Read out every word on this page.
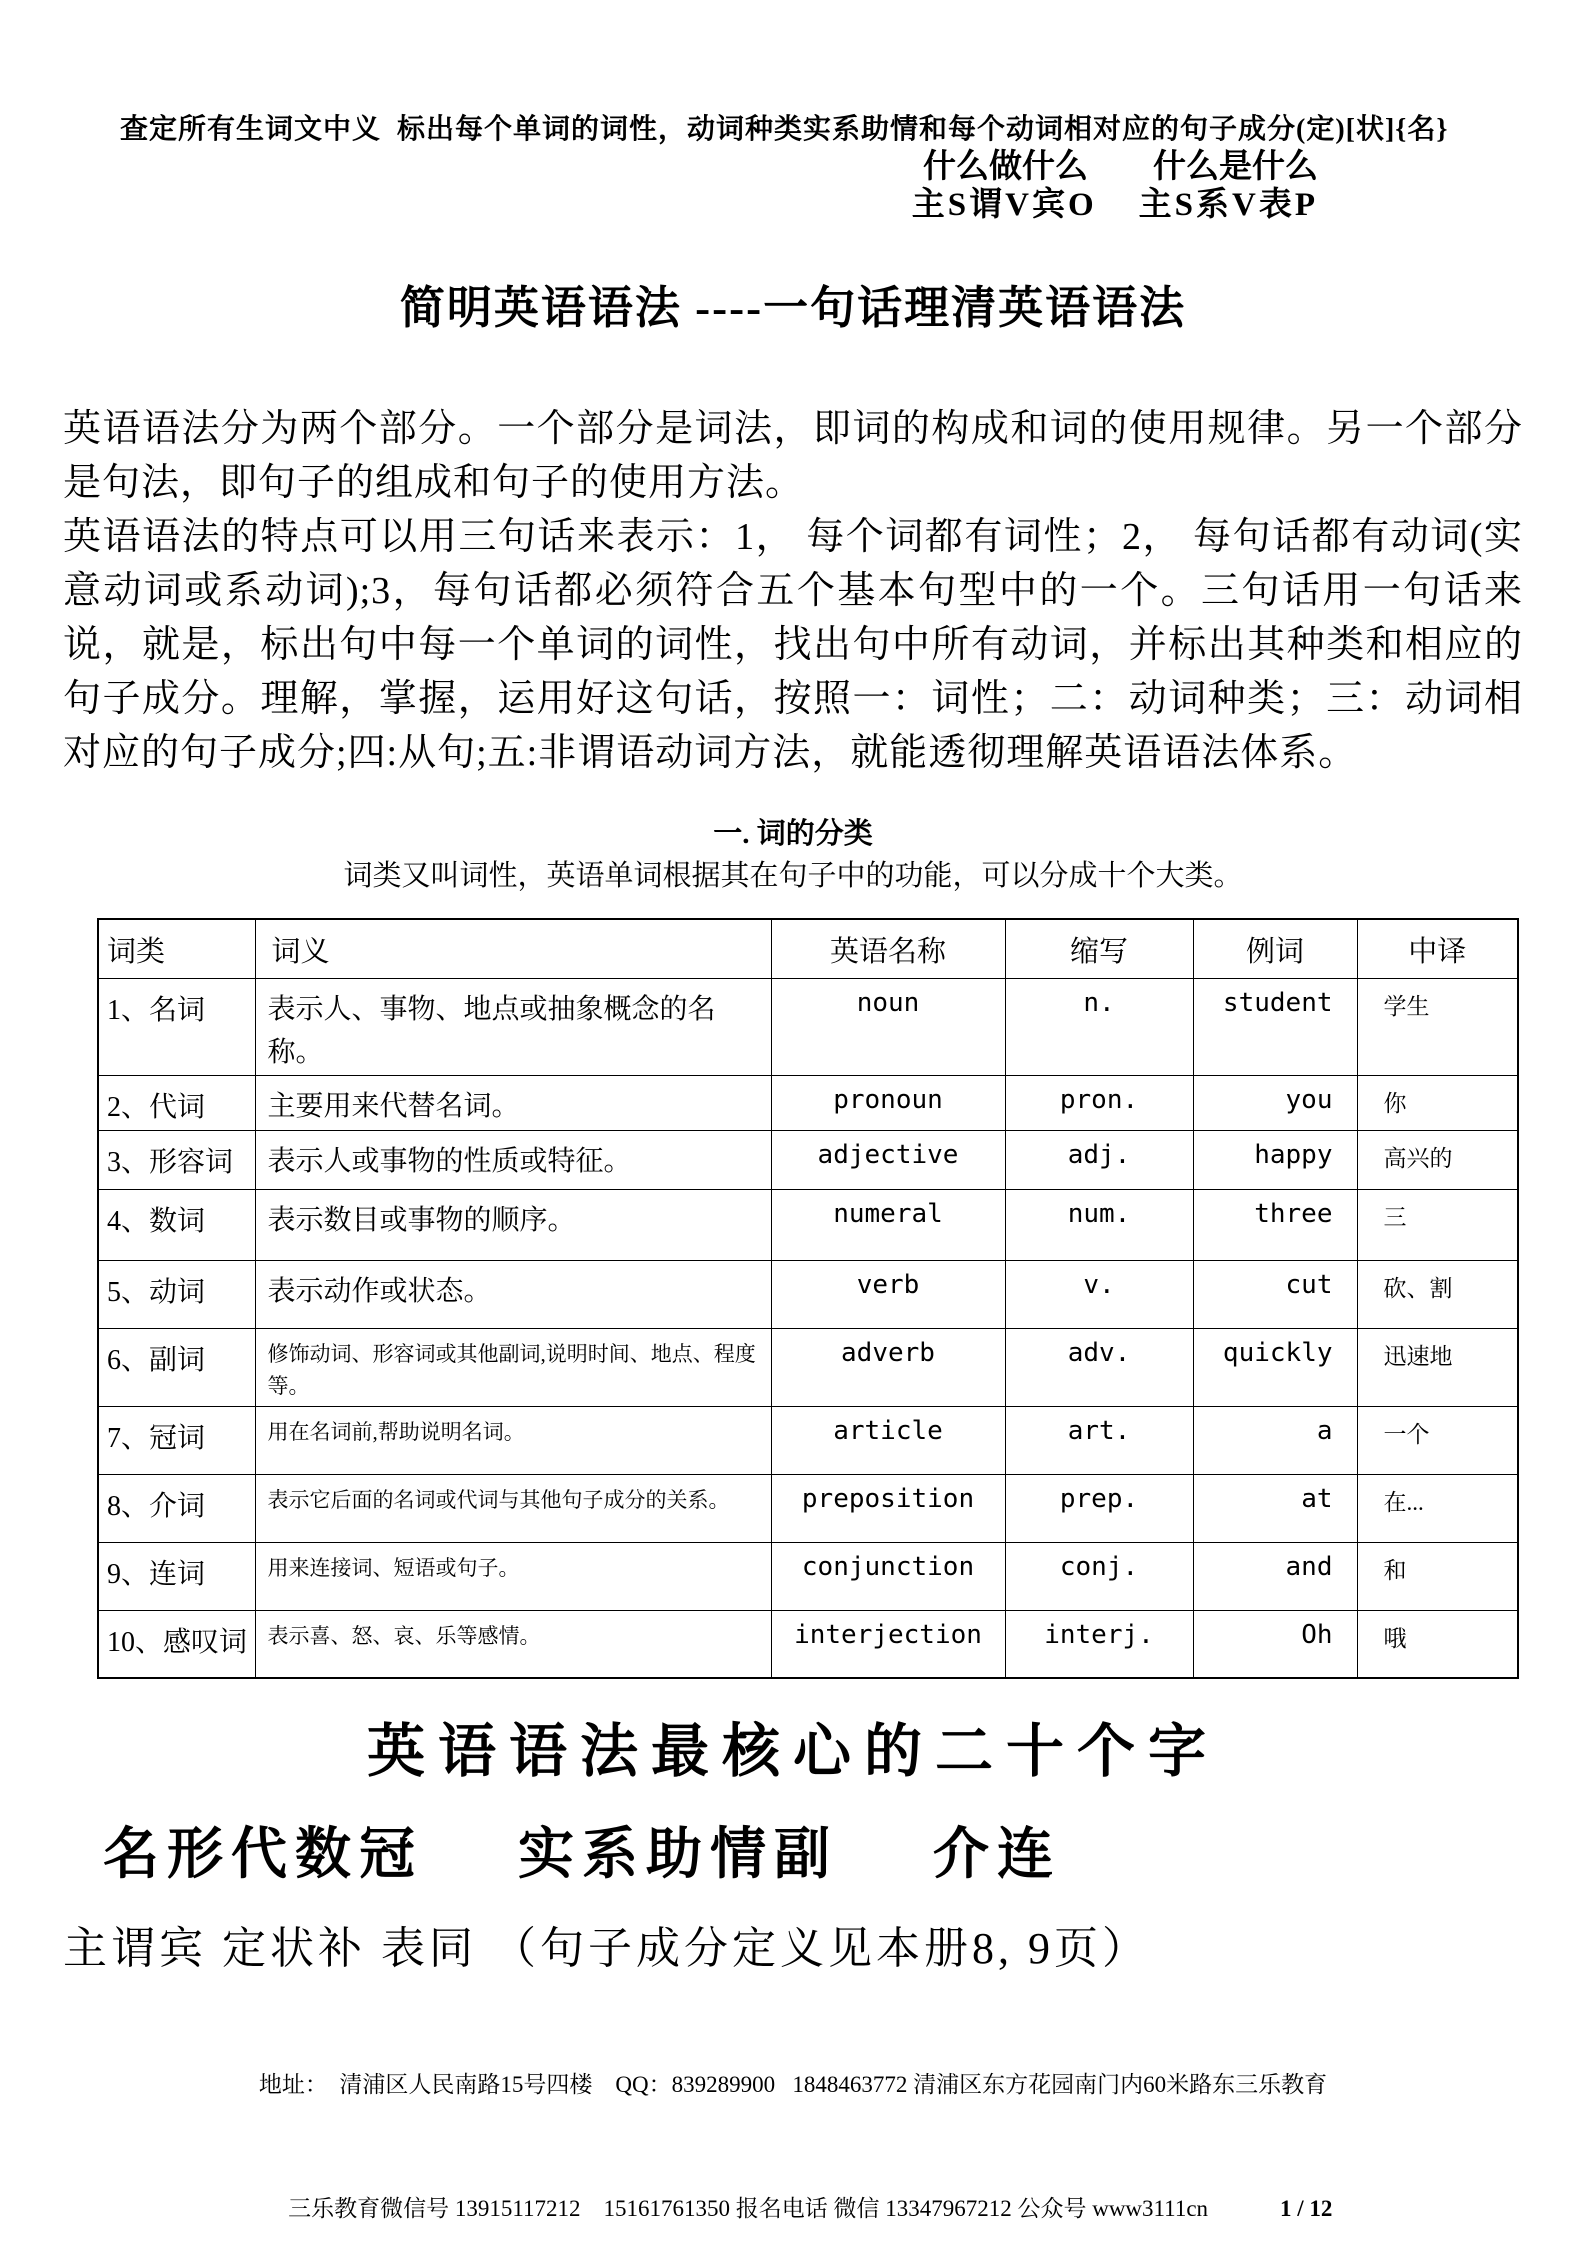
查定所有生词文中义  标出每个单词的词性，动词种类实系助情和每个动词相对应的句子成分(定)[状]{名}
什么做什么 什么是什么
主S谓V宾O 主S系V表P
简明英语语法 ----一句话理清英语语法

英语语法分为两个部分。一个部分是词法，即词的构成和词的使用规律。另一个部分是句法，即句子的组成和句子的使用方法。

英语语法的特点可以用三句话来表示：1， 每个词都有词性；2， 每句话都有动词(实意动词或系动词);3，每句话都必须符合五个基本句型中的一个。三句话用一句话来说，就是，标出句中每一个单词的词性，找出句中所有动词，并标出其种类和相应的句子成分。理解，掌握，运用好这句话，按照一：词性；二：动词种类；三：动词相对应的句子成分;四:从句;五:非谓语动词方法，就能透彻理解英语语法体系。

一. 词的分类
词类又叫词性，英语单词根据其在句子中的功能，可以分成十个大类。
词类	词义	英语名称	缩写	例词	中译
1、名词	表示人、事物、地点或抽象概念的名称。	noun	n.	student	学生
2、代词	主要用来代替名词。	pronoun	pron.	you	你
3、形容词	表示人或事物的性质或特征。	adjective	adj.	happy	高兴的
4、数词	表示数目或事物的顺序。	numeral	num.	three	三
5、动词	表示动作或状态。	verb	v.	cut	砍、割
6、副词	修饰动词、形容词或其他副词,说明时间、地点、程度等。	adverb	adv.	quickly	迅速地
7、冠词	用在名词前,帮助说明名词。	article	art.	a	一个
8、介词	表示它后面的名词或代词与其他句子成分的关系。	preposition	prep.	at	在...
9、连词	用来连接词、短语或句子。	conjunction	conj.	and	和
10、感叹词	表示喜、怒、哀、乐等感情。	interjection	interj.	Oh	哦
英语语法最核心的二十个字
名形代数冠 实系助情副 介连
主谓宾 定状补 表同 （句子成分定义见本册8, 9页）

地址：  清浦区人民南路15号四楼    QQ：839289900   1848463772 清浦区东方花园南门内60米路东三乐教育

三乐教育微信号 13915117212    15161761350 报名电话 微信 13347967212 公众号 www3111cn	1 / 12
